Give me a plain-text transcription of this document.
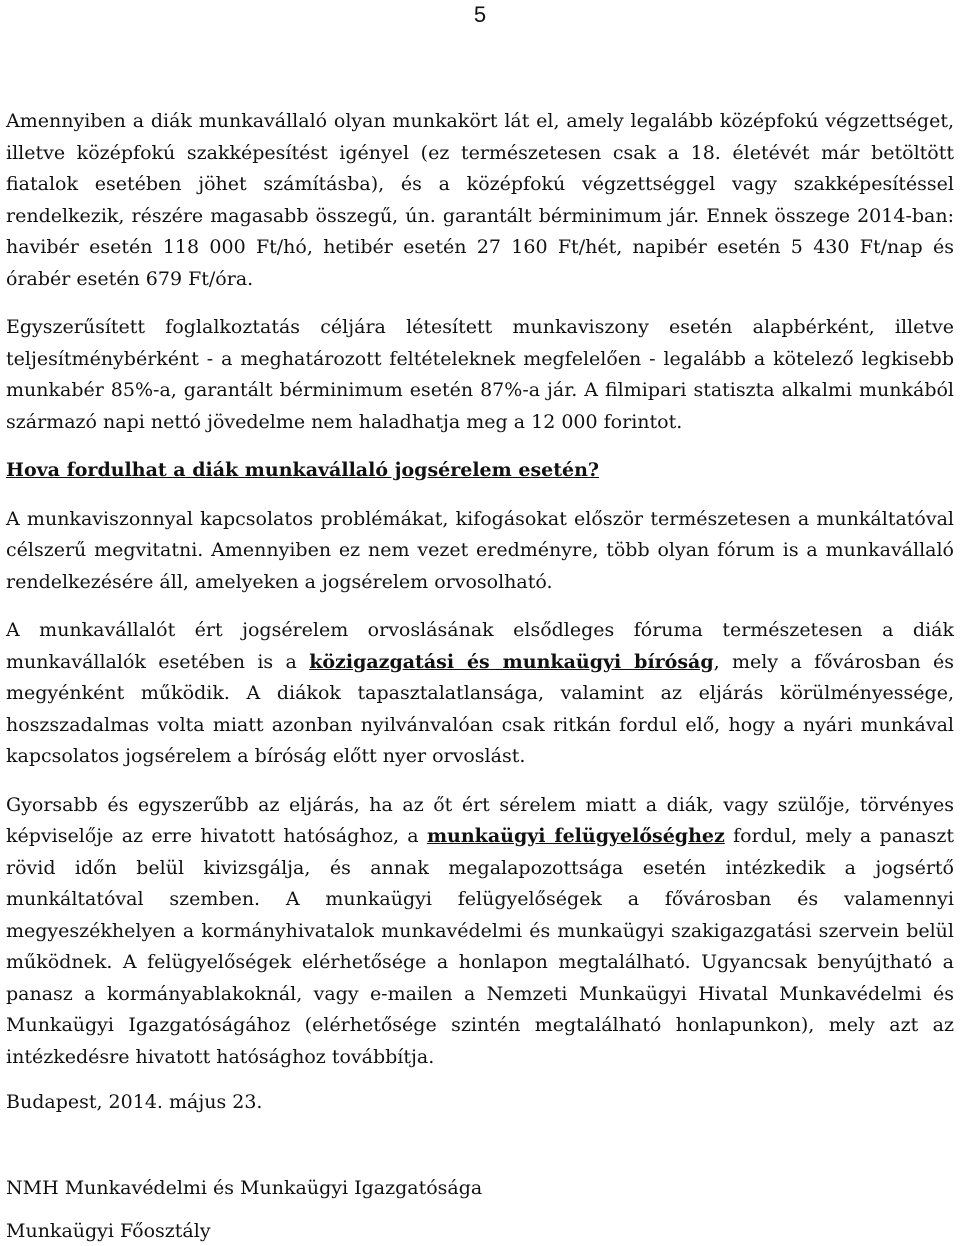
5

Amennyiben a diák munkavállaló olyan munkakört lát el, amely legalább középfokú végzettséget, illetve középfokú szakképesítést igényel (ez természetesen csak a 18. életévét már betöltött fiatalok esetében jöhet számításba), és a középfokú végzettséggel vagy szakképesítéssel rendelkezik, részére magasabb összegű, ún. garantált bérminimum jár. Ennek összege 2014-ban: havibér esetén 118 000 Ft/hó, hetibér esetén 27 160 Ft/hét, napibér esetén 5 430 Ft/nap és órabér esetén 679 Ft/óra.

Egyszerűsített foglalkoztatás céljára létesített munkaviszony esetén alapbérként, illetve teljesítménybérként - a meghatározott feltételeknek megfelelően - legalább a kötelező legkisebb munkabér 85%-a, garantált bérminimum esetén 87%-a jár. A filmipari statiszta alkalmi munkából származó napi nettó jövedelme nem haladhatja meg a 12 000 forintot.

Hova fordulhat a diák munkavállaló jogsérelem esetén?

A munkaviszonnyal kapcsolatos problémákat, kifogásokat először természetesen a munkáltatóval célszerű megvitatni. Amennyiben ez nem vezet eredményre, több olyan fórum is a munkavállaló rendelkezésére áll, amelyeken a jogsérelem orvosolható.

A munkavállalót ért jogsérelem orvoslásának elsődleges fóruma természetesen a diák munkavállalók esetében is a közigazgatási és munkaügyi bíróság, mely a fővárosban és megyénként működik. A diákok tapasztalatlansága, valamint az eljárás körülményessége, hoszszadalmas volta miatt azonban nyilvánvalóan csak ritkán fordul elő, hogy a nyári munkával kapcsolatos jogsérelem a bíróság előtt nyer orvoslást.

Gyorsabb és egyszerűbb az eljárás, ha az őt ért sérelem miatt a diák, vagy szülője, törvényes képviselője az erre hivatott hatósághoz, a munkaügyi felügyelőséghez fordul, mely a panaszt rövid időn belül kivizsgálja, és annak megalapozottsága esetén intézkedik a jogsértő munkáltatóval szemben. A munkaügyi felügyelőségek a fővárosban és valamennyi megyeszékhelyen a kormányhivatalok munkavédelmi és munkaügyi szakigazgatási szervein belül működnek. A felügyelőségek elérhetősége a honlapon megtalálható. Ugyancsak benyújtható a panasz a kormányablakoknál, vagy e-mailen a Nemzeti Munkaügyi Hivatal Munkavédelmi és Munkaügyi Igazgatóságához (elérhetősége szintén megtalálható honlapunkon), mely azt az intézkedésre hivatott hatósághoz továbbítja.

Budapest, 2014. május 23.

NMH Munkavédelmi és Munkaügyi Igazgatósága

Munkaügyi Főosztály
